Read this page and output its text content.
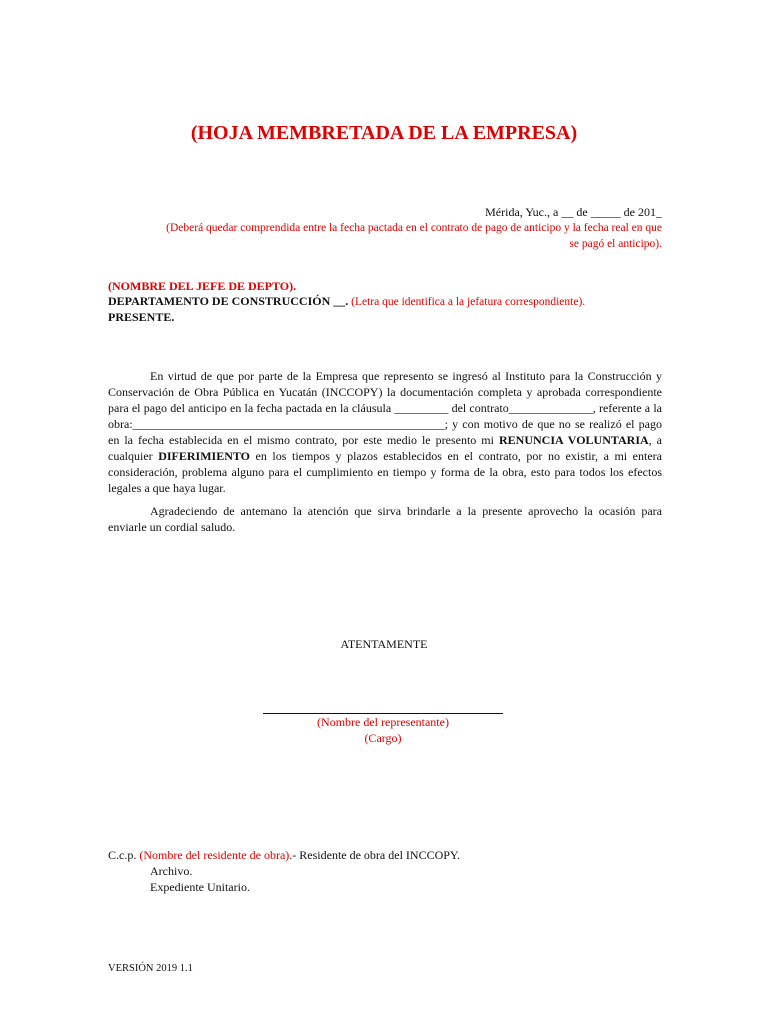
(HOJA MEMBRETADA DE LA EMPRESA)
Mérida, Yuc., a __ de _____ de 201_
(Deberá quedar comprendida entre la fecha pactada en el contrato de pago de anticipo y la fecha real en que
se pagó el anticipo).
(NOMBRE DEL JEFE DE DEPTO).
DEPARTAMENTO DE CONSTRUCCIÓN __. (Letra que identifica a la jefatura correspondiente).
PRESENTE.
En virtud de que por parte de la Empresa que represento se ingresó al Instituto para la Construcción y Conservación de Obra Pública en Yucatán (INCCOPY) la documentación completa y aprobada correspondiente para el pago del anticipo en la fecha pactada en la cláusula _________ del contrato______________, referente a la obra:____________________________________________________; y con motivo de que no se realizó el pago en la fecha establecida en el mismo contrato, por este medio le presento mi RENUNCIA VOLUNTARIA, a cualquier DIFERIMIENTO en los tiempos y plazos establecidos en el contrato, por no existir, a mi entera consideración, problema alguno para el cumplimiento en tiempo y forma de la obra, esto para todos los efectos legales a que haya lugar.
Agradeciendo de antemano la atención que sirva brindarle a la presente aprovecho la ocasión para enviarle un cordial saludo.
ATENTAMENTE
(Nombre del representante)
(Cargo)
C.c.p. (Nombre del residente de obra).- Residente de obra del INCCOPY.
Archivo.
Expediente Unitario.
VERSIÓN 2019 1.1
